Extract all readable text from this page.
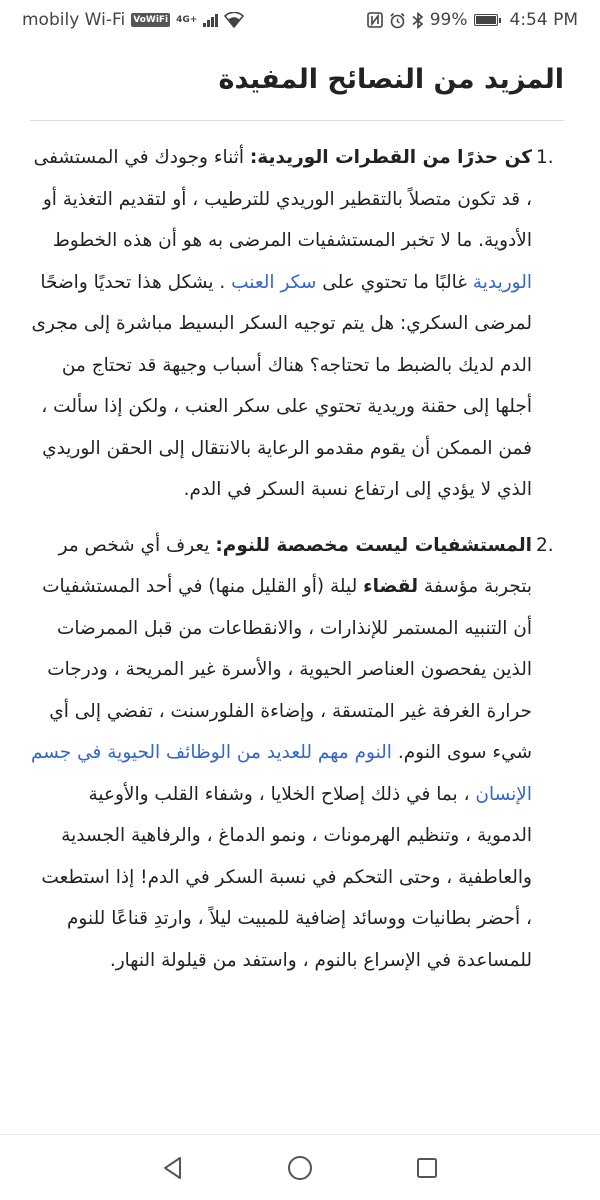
mobily Wi-Fi VoWiFi 4G+	99% 4:54 PM
المزيد من النصائح المفيدة
1.
كن حذرًا من القطرات الوريدية: أثناء وجودك في المستشفى ، قد تكون متصلاً بالتقطير الوريدي للترطيب ، أو لتقديم التغذية أو الأدوية. ما لا تخبر المستشفيات المرضى به هو أن هذه الخطوط الوريدية غالبًا ما تحتوي على سكر العنب . يشكل هذا تحديًا واضحًا لمرضى السكري: هل يتم توجيه السكر البسيط مباشرة إلى مجرى الدم لديك بالضبط ما تحتاجه؟ هناك أسباب وجيهة قد تحتاج من أجلها إلى حقنة وريدية تحتوي على سكر العنب ، ولكن إذا سألت ، فمن الممكن أن يقوم مقدمو الرعاية بالانتقال إلى الحقن الوريدي الذي لا يؤدي إلى ارتفاع نسبة السكر في الدم.
2.
المستشفيات ليست مخصصة للنوم: يعرف أي شخص مر بتجربة مؤسفة لقضاء ليلة (أو القليل منها) في أحد المستشفيات أن التنبيه المستمر للإنذارات ، والانقطاعات من قبل الممرضات الذين يفحصون العناصر الحيوية ، والأسرة غير المريحة ، ودرجات حرارة الغرفة غير المتسقة ، وإضاءة الفلورسنت ، تفضي إلى أي شيء سوى النوم. النوم مهم للعديد من الوظائف الحيوية في جسم الإنسان ، بما في ذلك إصلاح الخلايا ، وشفاء القلب والأوعية الدموية ، وتنظيم الهرمونات ، ونمو الدماغ ، والرفاهية الجسدية والعاطفية ، وحتى التحكم في نسبة السكر في الدم! إذا استطعت ، أحضر بطانيات ووسائد إضافية للمبيت ليلاً ، وارتدِ قناعًا للنوم للمساعدة في الإسراع بالنوم ، واستفد من قيلولة النهار.
